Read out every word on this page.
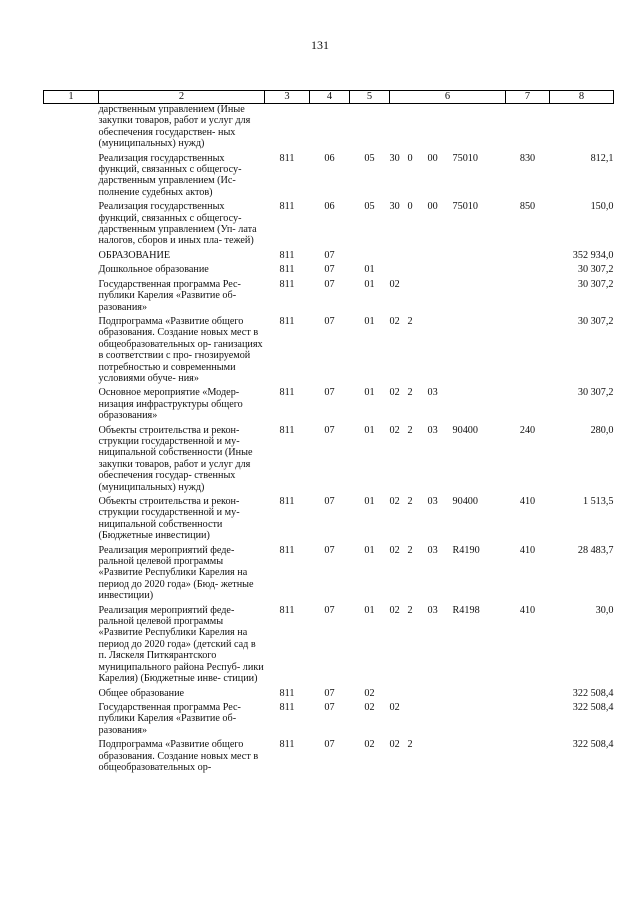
131
1	2	3	4	5	6	7	8
	дарственным управлением (Иные закупки товаров, работ и услуг для обеспечения государствен- ных (муниципальных) нужд)						
	Реализация государственных функций, связанных с общегосу- дарственным управлением (Ис- полнение судебных актов)	811	06	05	30 0 00 75010	830	812,1
	Реализация государственных функций, связанных с общегосу- дарственным управлением (Уп- лата налогов, сборов и иных пла- тежей)	811	06	05	30 0 00 75010	850	150,0
	ОБРАЗОВАНИЕ	811	07				352 934,0
	Дошкольное образование	811	07	01			30 307,2
	Государственная программа Рес- публики Карелия «Развитие об- разования»	811	07	01	02		30 307,2
	Подпрограмма «Развитие общего образования. Создание новых мест в общеобразовательных ор- ганизациях в соответствии с про- гнозируемой потребностью и современными условиями обуче- ния»	811	07	01	02 2		30 307,2
	Основное мероприятие «Модер- низация инфраструктуры общего образования»	811	07	01	02 2 03		30 307,2
	Объекты строительства и рекон- струкции государственной и му- ниципальной собственности (Иные закупки товаров, работ и услуг для обеспечения государ- ственных (муниципальных) нужд)	811	07	01	02 2 03 90400	240	280,0
	Объекты строительства и рекон- струкции государственной и му- ниципальной собственности (Бюджетные инвестиции)	811	07	01	02 2 03 90400	410	1 513,5
	Реализация мероприятий феде- ральной целевой программы «Развитие Республики Карелия на период до 2020 года» (Бюд- жетные инвестиции)	811	07	01	02 2 03 R4190	410	28 483,7
	Реализация мероприятий феде- ральной целевой программы «Развитие Республики Карелия на период до 2020 года» (детский сад в п. Ляскеля Питкярантского муниципального района Респуб- лики Карелия) (Бюджетные инве- стиции)	811	07	01	02 2 03 R4198	410	30,0
	Общее образование	811	07	02			322 508,4
	Государственная программа Рес- публики Карелия «Развитие об- разования»	811	07	02	02		322 508,4
	Подпрограмма «Развитие общего образования. Создание новых мест в общеобразовательных ор-	811	07	02	02 2		322 508,4
